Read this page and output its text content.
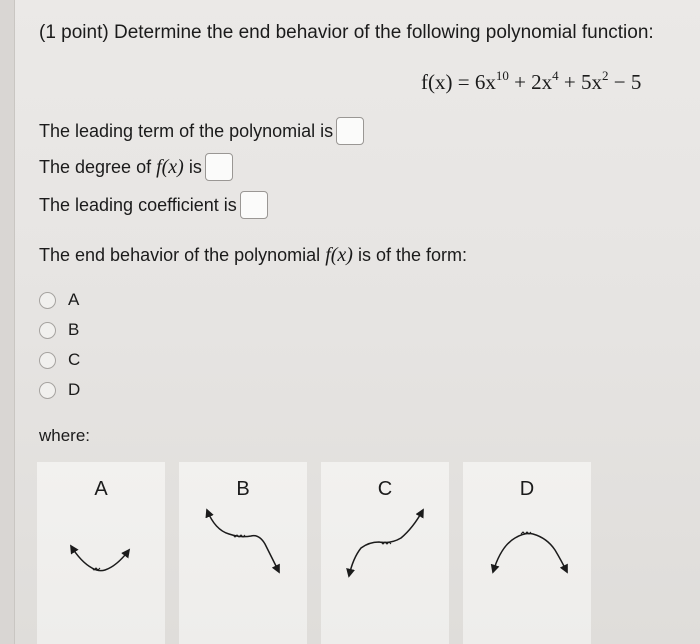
(1 point) Determine the end behavior of the following polynomial function:
$f(x) = 6x^{10} + 2x^4 + 5x^2 - 5$
The leading term of the polynomial is
The degree of f(x) is
The leading coefficient is
The end behavior of the polynomial f(x) is of the form:
A
B
C
D
where:
A	B	C	D
